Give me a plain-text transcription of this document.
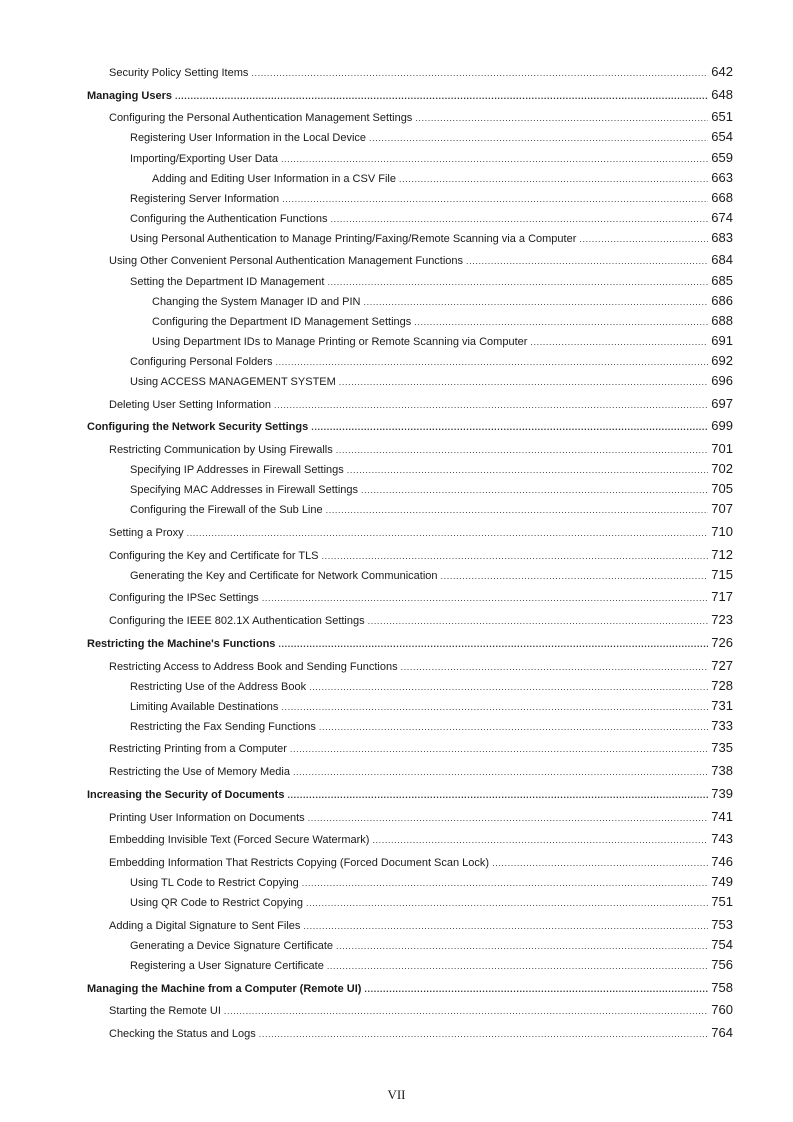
Security Policy Setting Items .....	642
Managing Users .....	648
Configuring the Personal Authentication Management Settings .....	651
Registering User Information in the Local Device .....	654
Importing/Exporting User Data .....	659
Adding and Editing User Information in a CSV File .....	663
Registering Server Information .....	668
Configuring the Authentication Functions .....	674
Using Personal Authentication to Manage Printing/Faxing/Remote Scanning via a Computer .....	683
Using Other Convenient Personal Authentication Management Functions .....	684
Setting the Department ID Management .....	685
Changing the System Manager ID and PIN .....	686
Configuring the Department ID Management Settings .....	688
Using Department IDs to Manage Printing or Remote Scanning via Computer .....	691
Configuring Personal Folders .....	692
Using ACCESS MANAGEMENT SYSTEM .....	696
Deleting User Setting Information .....	697
Configuring the Network Security Settings .....	699
Restricting Communication by Using Firewalls .....	701
Specifying IP Addresses in Firewall Settings .....	702
Specifying MAC Addresses in Firewall Settings .....	705
Configuring the Firewall of the Sub Line .....	707
Setting a Proxy .....	710
Configuring the Key and Certificate for TLS .....	712
Generating the Key and Certificate for Network Communication .....	715
Configuring the IPSec Settings .....	717
Configuring the IEEE 802.1X Authentication Settings .....	723
Restricting the Machine's Functions .....	726
Restricting Access to Address Book and Sending Functions .....	727
Restricting Use of the Address Book .....	728
Limiting Available Destinations .....	731
Restricting the Fax Sending Functions .....	733
Restricting Printing from a Computer .....	735
Restricting the Use of Memory Media .....	738
Increasing the Security of Documents .....	739
Printing User Information on Documents .....	741
Embedding Invisible Text (Forced Secure Watermark) .....	743
Embedding Information That Restricts Copying (Forced Document Scan Lock) .....	746
Using TL Code to Restrict Copying .....	749
Using QR Code to Restrict Copying .....	751
Adding a Digital Signature to Sent Files .....	753
Generating a Device Signature Certificate .....	754
Registering a User Signature Certificate .....	756
Managing the Machine from a Computer (Remote UI) .....	758
Starting the Remote UI .....	760
Checking the Status and Logs .....	764
VII
